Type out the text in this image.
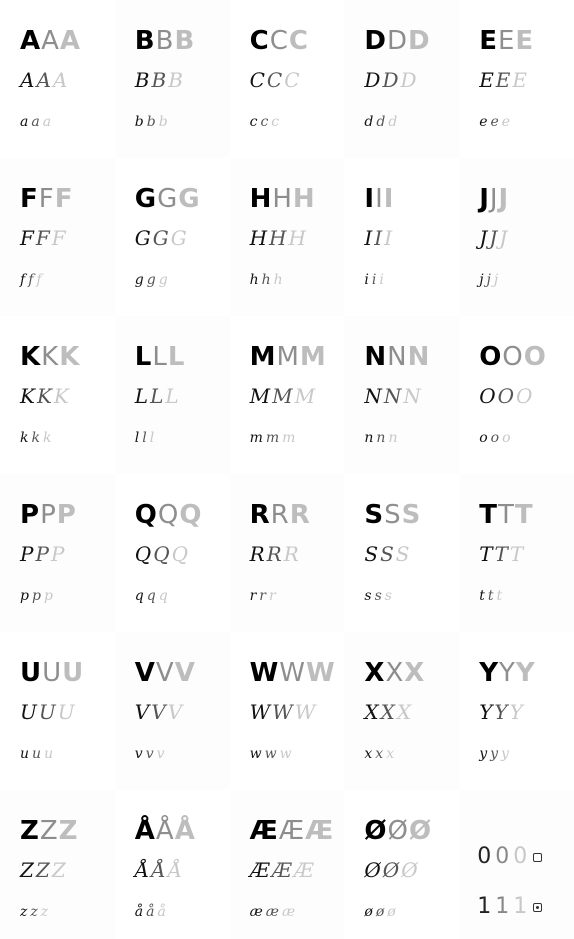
A A A
A A A
a a a
B B B
B B B
b b b
C C C
C C C
c c c
D D D
D D D
d d d
E E E
E E E
e e e
F F F
F F F
f f f
G G G
G G G
g g g
H H H
H H H
h h h
I I I
I I I
i i i
J J J
J J J
j j j
K K K
K K K
k k k
L L L
L L L
l l l
M M M
M M M
m m m
N N N
N N N
n n n
O O O
O O O
o o o
P P P
P P P
p p p
Q Q Q
Q Q Q
q q q
R R R
R R R
r r r
S S S
S S S
s s s
T T T
T T T
t t t
U U U
U U U
u u u
V V V
V V V
v v v
W W W
W W W
w w w
X X X
X X X
x x x
Y Y Y
Y Y Y
y y y
Z Z Z
Z Z Z
z z z
Å Å Å
Å Å Å
å å å
Æ Æ Æ
Æ Æ Æ
æ æ æ
Ø Ø Ø
Ø Ø Ø
ø ø ø
0 0 0
1 1 1
